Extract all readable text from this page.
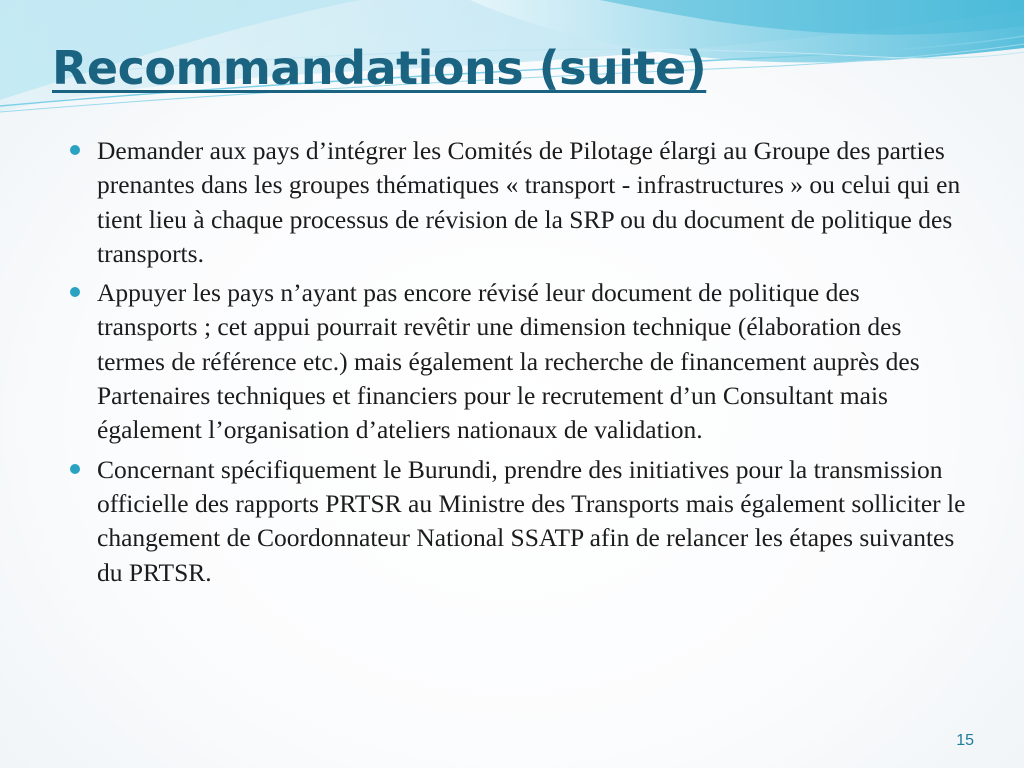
Recommandations (suite)
Demander aux pays d’intégrer les Comités de Pilotage élargi au Groupe des parties prenantes dans les groupes thématiques « transport - infrastructures » ou celui qui en tient lieu à chaque processus de révision de la SRP ou du document de politique des transports.
Appuyer les pays n’ayant pas encore révisé leur document de politique des transports ; cet appui pourrait revêtir une dimension technique (élaboration des termes de référence etc.) mais également la recherche de financement auprès des Partenaires techniques et financiers pour le recrutement d’un Consultant mais également l’organisation d’ateliers nationaux de validation.
Concernant spécifiquement le Burundi, prendre des initiatives pour la transmission officielle des rapports PRTSR au Ministre des Transports mais également solliciter le changement de Coordonnateur National SSATP afin de relancer les étapes suivantes du PRTSR.
15
